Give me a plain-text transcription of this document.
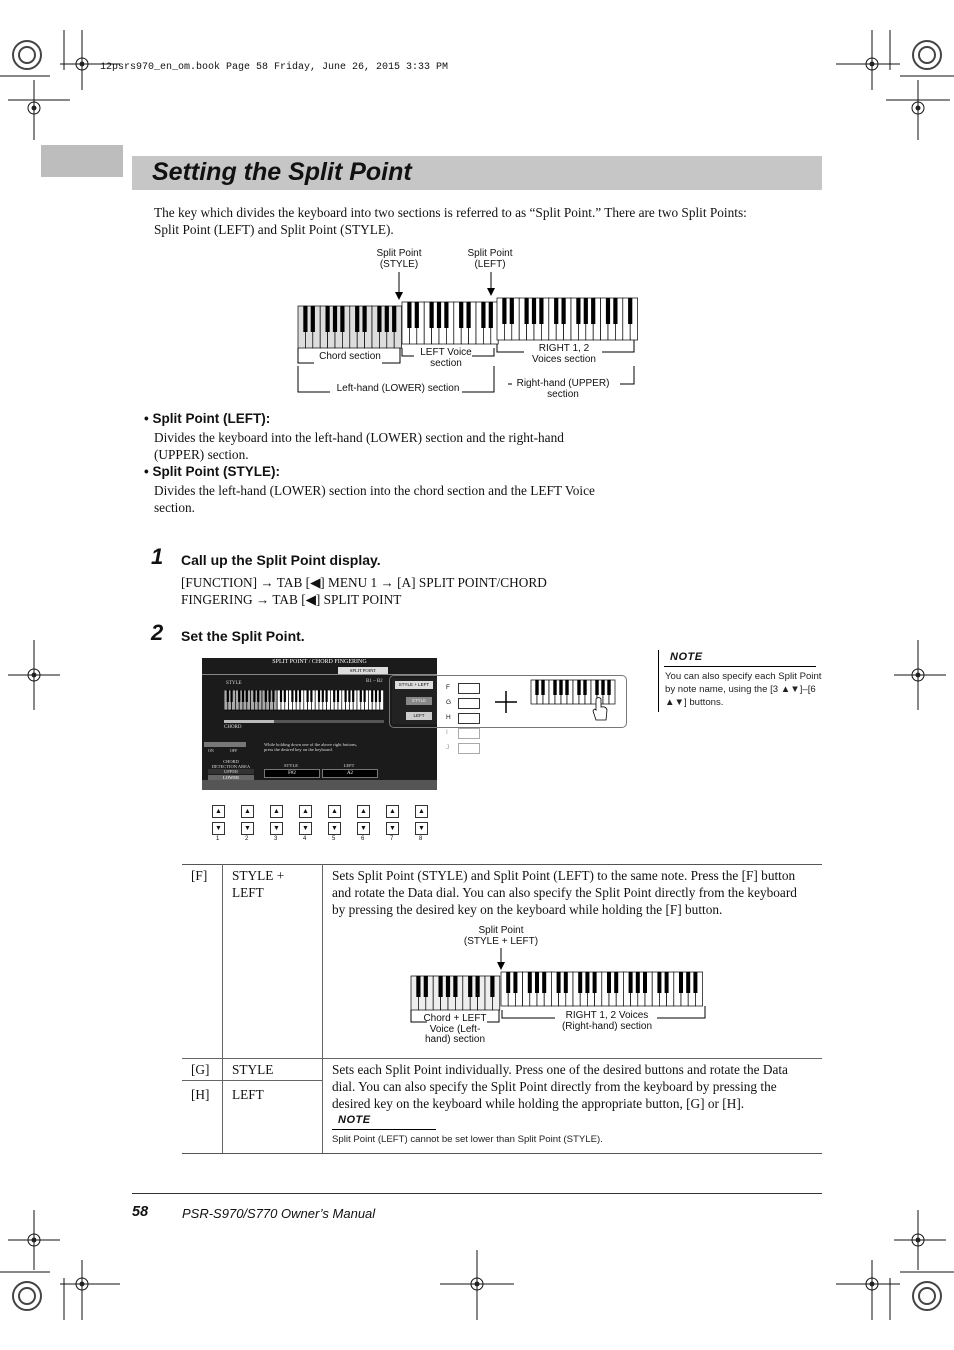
12psrs970_en_om.book Page 58 Friday, June 26, 2015 3:33 PM
Setting the Split Point
The key which divides the keyboard into two sections is referred to as “Split Point.” There are two Split Points:
Split Point (LEFT) and Split Point (STYLE).
Split Point
(STYLE)
Split Point
(LEFT)
Chord section	LEFT Voice
section
RIGHT 1, 2
Voices section
Left-hand (LOWER) section	Right-hand (UPPER)
section
• Split Point (LEFT):
Divides the keyboard into the left-hand (LOWER) section and the right-hand
(UPPER) section.
• Split Point (STYLE):
Divides the left-hand (LOWER) section into the chord section and the LEFT Voice
section.
1 Call up the Split Point display.
[FUNCTION] → TAB [◀] MENU 1 → [A] SPLIT POINT/CHORD
FINGERING → TAB [◀] SPLIT POINT
2 Set the Split Point.
SPLIT POINT / CHORD FINGERING
SPLIT POINT
STYLE	B1 – B2
CHORD
ON	OFF
While holding down one of the above right buttons,
press the desired key on the keyboard.
CHORD
DETECTION AREA
UPPER
LOWER
STYLE
F#2
LEFT
A2
STYLE + LEFT
STYLE
LEFT
F
G
H
I
J
▲
▼
1
▲
▼
2
▲
▼
3
▲
▼
4
▲
▼
5
▲
▼
6
▲
▼
7
▲
▼
8
NOTE
You can also specify each Split Point
by note name, using the [3 ▲▼]–[6
▲▼] buttons.
[F] STYLE +
LEFT
Sets Split Point (STYLE) and Split Point (LEFT) to the same note. Press the [F] button
and rotate the Data dial. You can also specify the Split Point directly from the keyboard
by pressing the desired key on the keyboard while holding the [F] button.
Split Point
(STYLE + LEFT)
Chord + LEFT
Voice (Left-
hand) section
RIGHT 1, 2 Voices
(Right-hand) section
[G] STYLE
[H] LEFT
Sets each Split Point individually. Press one of the desired buttons and rotate the Data
dial. You can also specify the Split Point directly from the keyboard by pressing the
desired key on the keyboard while holding the appropriate button, [G] or [H].
NOTE
Split Point (LEFT) cannot be set lower than Split Point (STYLE).
58	PSR-S970/S770 Owner’s Manual
